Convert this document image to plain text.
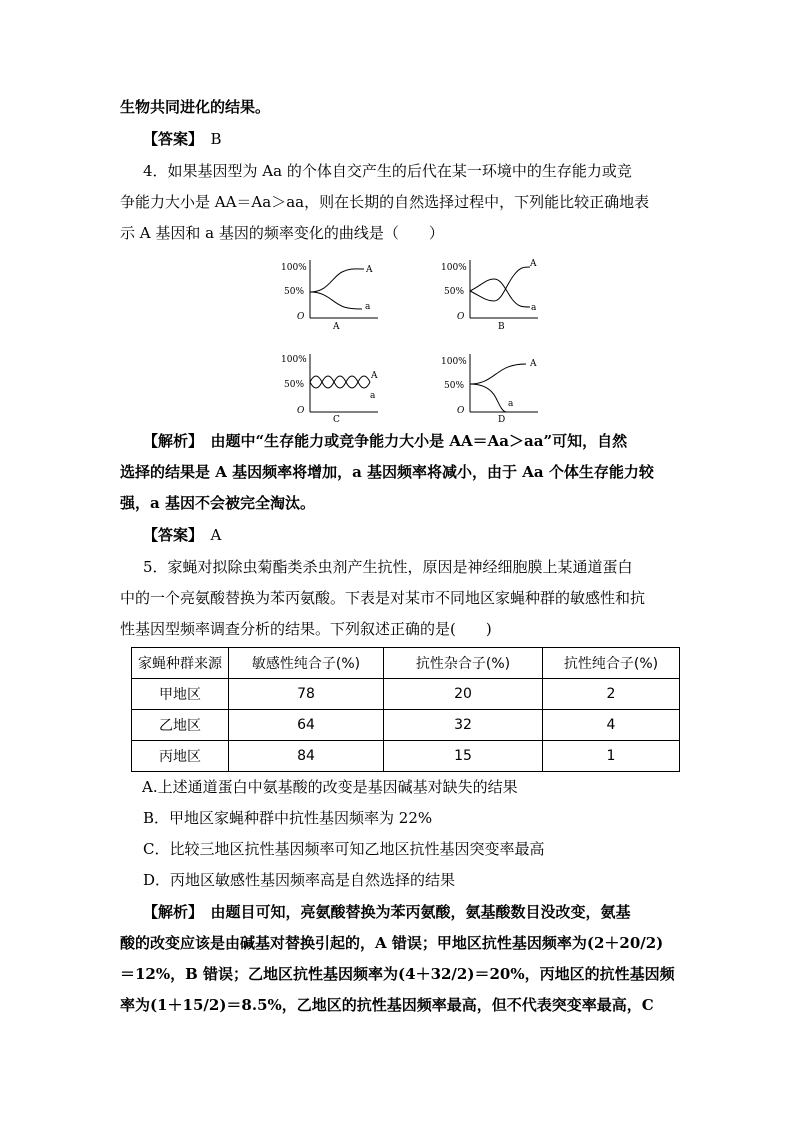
生物共同进化的结果。
【答案】　 B
4．如果基因型为 Aa 的个体自交产生的后代在某一环境中的生存能力或竞
争能力大小是 AA＝Aa＞aa，则在长期的自然选择过程中，下列能比较正确地表
示 A 基因和 a 基因的频率变化的曲线是（　　）
100%
50%
O
A
a
A
100%
50%
O
A
a
B
100%
50%
O
A
a
C
100%
50%
O
A
a
D
【解析】　由题中“生存能力或竞争能力大小是 AA＝Aa＞aa”可知，自然
选择的结果是 A 基因频率将增加，a 基因频率将减小，由于 Aa 个体生存能力较
强，a 基因不会被完全淘汰。
【答案】　 A
5．家蝇对拟除虫菊酯类杀虫剂产生抗性，原因是神经细胞膜上某通道蛋白
中的一个亮氨酸替换为苯丙氨酸。下表是对某市不同地区家蝇种群的敏感性和抗
性基因型频率调查分析的结果。下列叙述正确的是(　　)
家蝇种群来源	敏感性纯合子(%)	抗性杂合子(%)	抗性纯合子(%)
甲地区	78	20	2
乙地区	64	32	4
丙地区	84	15	1
A.上述通道蛋白中氨基酸的改变是基因碱基对缺失的结果
B．甲地区家蝇种群中抗性基因频率为 22%
C．比较三地区抗性基因频率可知乙地区抗性基因突变率最高
D．丙地区敏感性基因频率高是自然选择的结果
【解析】　由题目可知，亮氨酸替换为苯丙氨酸，氨基酸数目没改变，氨基
酸的改变应该是由碱基对替换引起的，A 错误；甲地区抗性基因频率为(2＋20/2)
＝12%，B 错误；乙地区抗性基因频率为(4＋32/2)＝20%，丙地区的抗性基因频
率为(1＋15/2)＝8.5%，乙地区的抗性基因频率最高，但不代表突变率最高，C
